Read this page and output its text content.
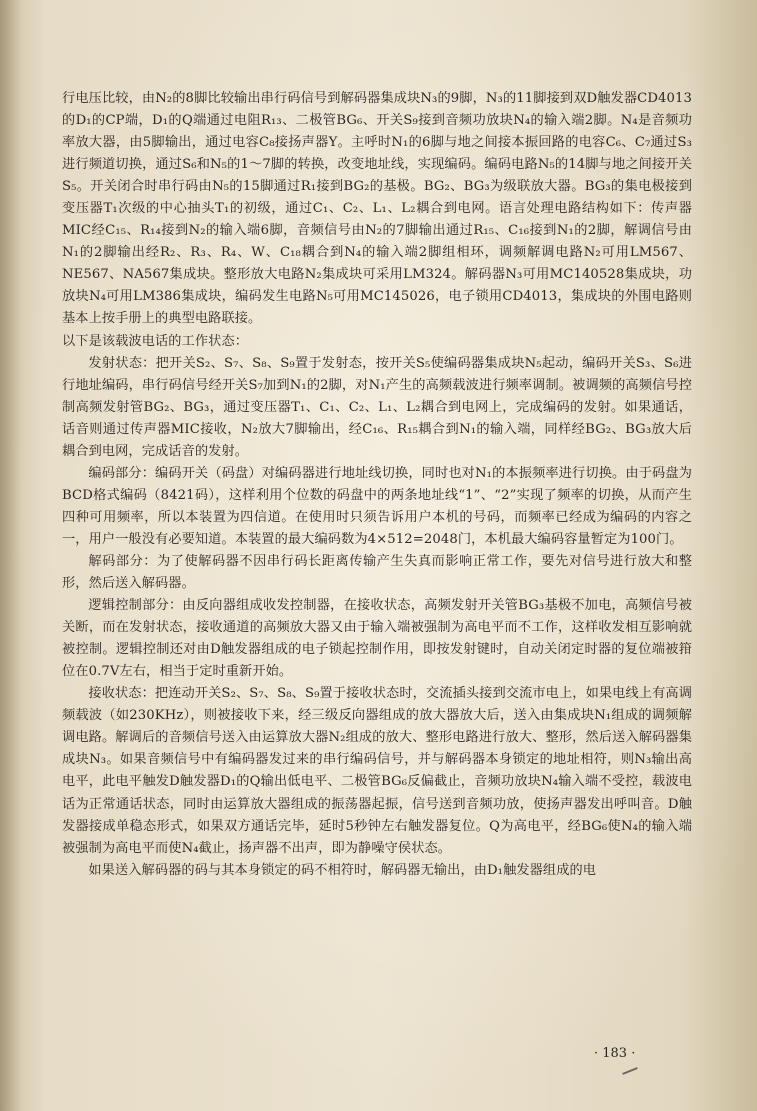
行电压比较，由N₂的8脚比较输出串行码信号到解码器集成块N₃的9脚，N₃的11脚接到双D触发器CD4013的D₁的CP端，D₁的Q端通过电阻R₁₃、二极管BG₆、开关S₉接到音频功放块N₄的输入端2脚。N₄是音频功率放大器，由5脚输出，通过电容C₈接扬声器Y。主呼时N₁的6脚与地之间接本振回路的电容C₆、C₇通过S₃进行频道切换，通过S₆和N₅的1～7脚的转换，改变地址线，实现编码。编码电路N₅的14脚与地之间接开关S₅。开关闭合时串行码由N₅的15脚通过R₁接到BG₂的基极。BG₂、BG₃为级联放大器。BG₃的集电极接到变压器T₁次级的中心抽头T₁的初级，通过C₁、C₂、L₁、L₂耦合到电网。语言处理电路结构如下：传声器MIC经C₁₅、R₁₄接到N₂的输入端6脚，音频信号由N₂的7脚输出通过R₁₅、C₁₆接到N₁的2脚，解调信号由N₁的2脚输出经R₂、R₃、R₄、W、C₁₈耦合到N₄的输入端2脚组相环，调频解调电路N₂可用LM567、NE567、NA567集成块。整形放大电路N₂集成块可采用LM324。解码器N₃可用MC140528集成块，功放块N₄可用LM386集成块，编码发生电路N₅可用MC145026，电子锁用CD4013，集成块的外围电路则基本上按手册上的典型电路联接。

以下是该载波电话的工作状态：

发射状态：把开关S₂、S₇、S₈、S₉置于发射态，按开关S₅使编码器集成块N₅起动，编码开关S₃、S₆进行地址编码，串行码信号经开关S₇加到N₁的2脚，对N₁产生的高频载波进行频率调制。被调频的高频信号控制高频发射管BG₂、BG₃，通过变压器T₁、C₁、C₂、L₁、L₂耦合到电网上，完成编码的发射。如果通话，话音则通过传声器MIC接收，N₂放大7脚输出，经C₁₆、R₁₅耦合到N₁的输入端，同样经BG₂、BG₃放大后耦合到电网，完成话音的发射。

编码部分：编码开关（码盘）对编码器进行地址线切换，同时也对N₁的本振频率进行切换。由于码盘为BCD格式编码（8421码），这样利用个位数的码盘中的两条地址线“1”、“2”实现了频率的切换，从而产生四种可用频率，所以本装置为四信道。在使用时只须告诉用户本机的号码，而频率已经成为编码的内容之一，用户一般没有必要知道。本装置的最大编码数为4×512=2048门，本机最大编码容量暂定为100门。

解码部分：为了使解码器不因串行码长距离传输产生失真而影响正常工作，要先对信号进行放大和整形，然后送入解码器。

逻辑控制部分：由反向器组成收发控制器，在接收状态，高频发射开关管BG₃基极不加电，高频信号被关断，而在发射状态，接收通道的高频放大器又由于输入端被强制为高电平而不工作，这样收发相互影响就被控制。逻辑控制还对由D触发器组成的电子锁起控制作用，即按发射键时，自动关闭定时器的复位端被箝位在0.7V左右，相当于定时重新开始。

接收状态：把连动开关S₂、S₇、S₈、S₉置于接收状态时，交流插头接到交流市电上，如果电线上有高调频载波（如230KHz），则被接收下来，经三级反向器组成的放大器放大后，送入由集成块N₁组成的调频解调电路。解调后的音频信号送入由运算放大器N₂组成的放大、整形电路进行放大、整形，然后送入解码器集成块N₃。如果音频信号中有编码器发过来的串行编码信号，并与解码器本身锁定的地址相符，则N₃输出高电平，此电平触发D触发器D₁的Q输出低电平、二极管BG₆反偏截止，音频功放块N₄输入端不受控，载波电话为正常通话状态，同时由运算放大器组成的振荡器起振，信号送到音频功放，使扬声器发出呼叫音。D触发器接成单稳态形式，如果双方通话完毕，延时5秒钟左右触发器复位。Q为高电平，经BG₆使N₄的输入端被强制为高电平而使N₄截止，扬声器不出声，即为静噪守侯状态。

如果送入解码器的码与其本身锁定的码不相符时，解码器无输出，由D₁触发器组成的电

· 183 ·
